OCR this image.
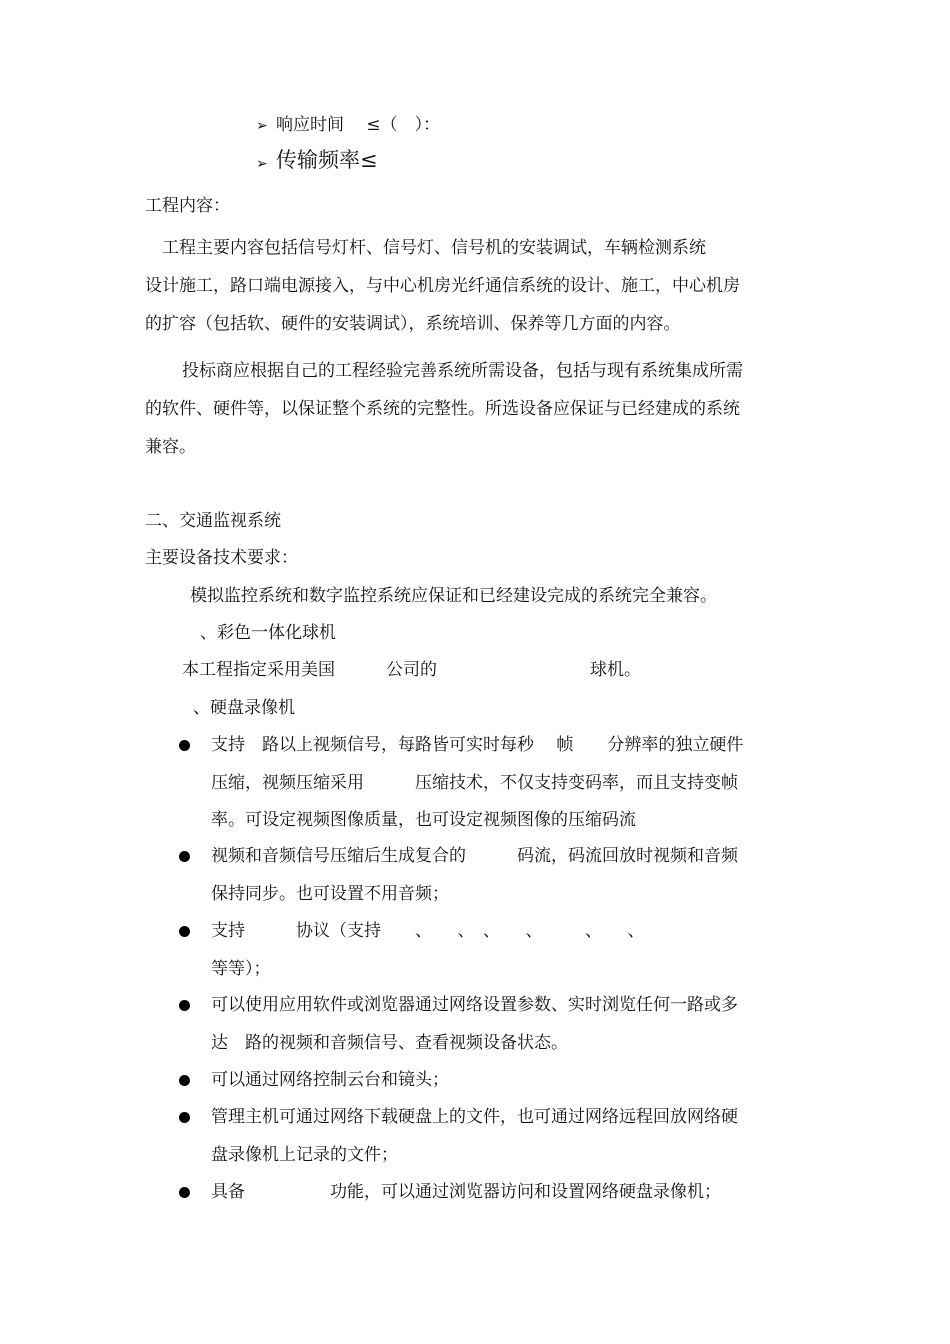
➢ 响应时间　 ≤（　）：
➢ 传输频率≤
工程内容：
　工程主要内容包括信号灯杆、信号灯、信号机的安装调试，车辆检测系统
设计施工，路口端电源接入，与中心机房光纤通信系统的设计、施工，中心机房
的扩容（包括软、硬件的安装调试），系统培训、保养等几方面的内容。
投标商应根据自己的工程经验完善系统所需设备，包括与现有系统集成所需
的软件、硬件等，以保证整个系统的完整性。所选设备应保证与已经建成的系统
兼容。
二、交通监视系统
主要设备技术要求：
模拟监控系统和数字监控系统应保证和已经建设完成的系统完全兼容。
、彩色一体化球机
本工程指定采用美国　　　公司的　　　　　　　　　球机。
、硬盘录像机
支持　路以上视频信号，每路皆可实时每秒　 帧　　分辨率的独立硬件
压缩，视频压缩采用　　　压缩技术，不仅支持变码率，而且支持变帧
率。可设定视频图像质量，也可设定视频图像的压缩码流
视频和音频信号压缩后生成复合的　　　码流，码流回放时视频和音频
保持同步。也可设置不用音频；
支持　　　协议（支持　　、　　、　、　　、　　　、　　、
等等）；
可以使用应用软件或浏览器通过网络设置参数、实时浏览任何一路或多
达　路的视频和音频信号、查看视频设备状态。
可以通过网络控制云台和镜头；
管理主机可通过网络下载硬盘上的文件，也可通过网络远程回放网络硬
盘录像机上记录的文件；
具备　　　　　功能，可以通过浏览器访问和设置网络硬盘录像机；
